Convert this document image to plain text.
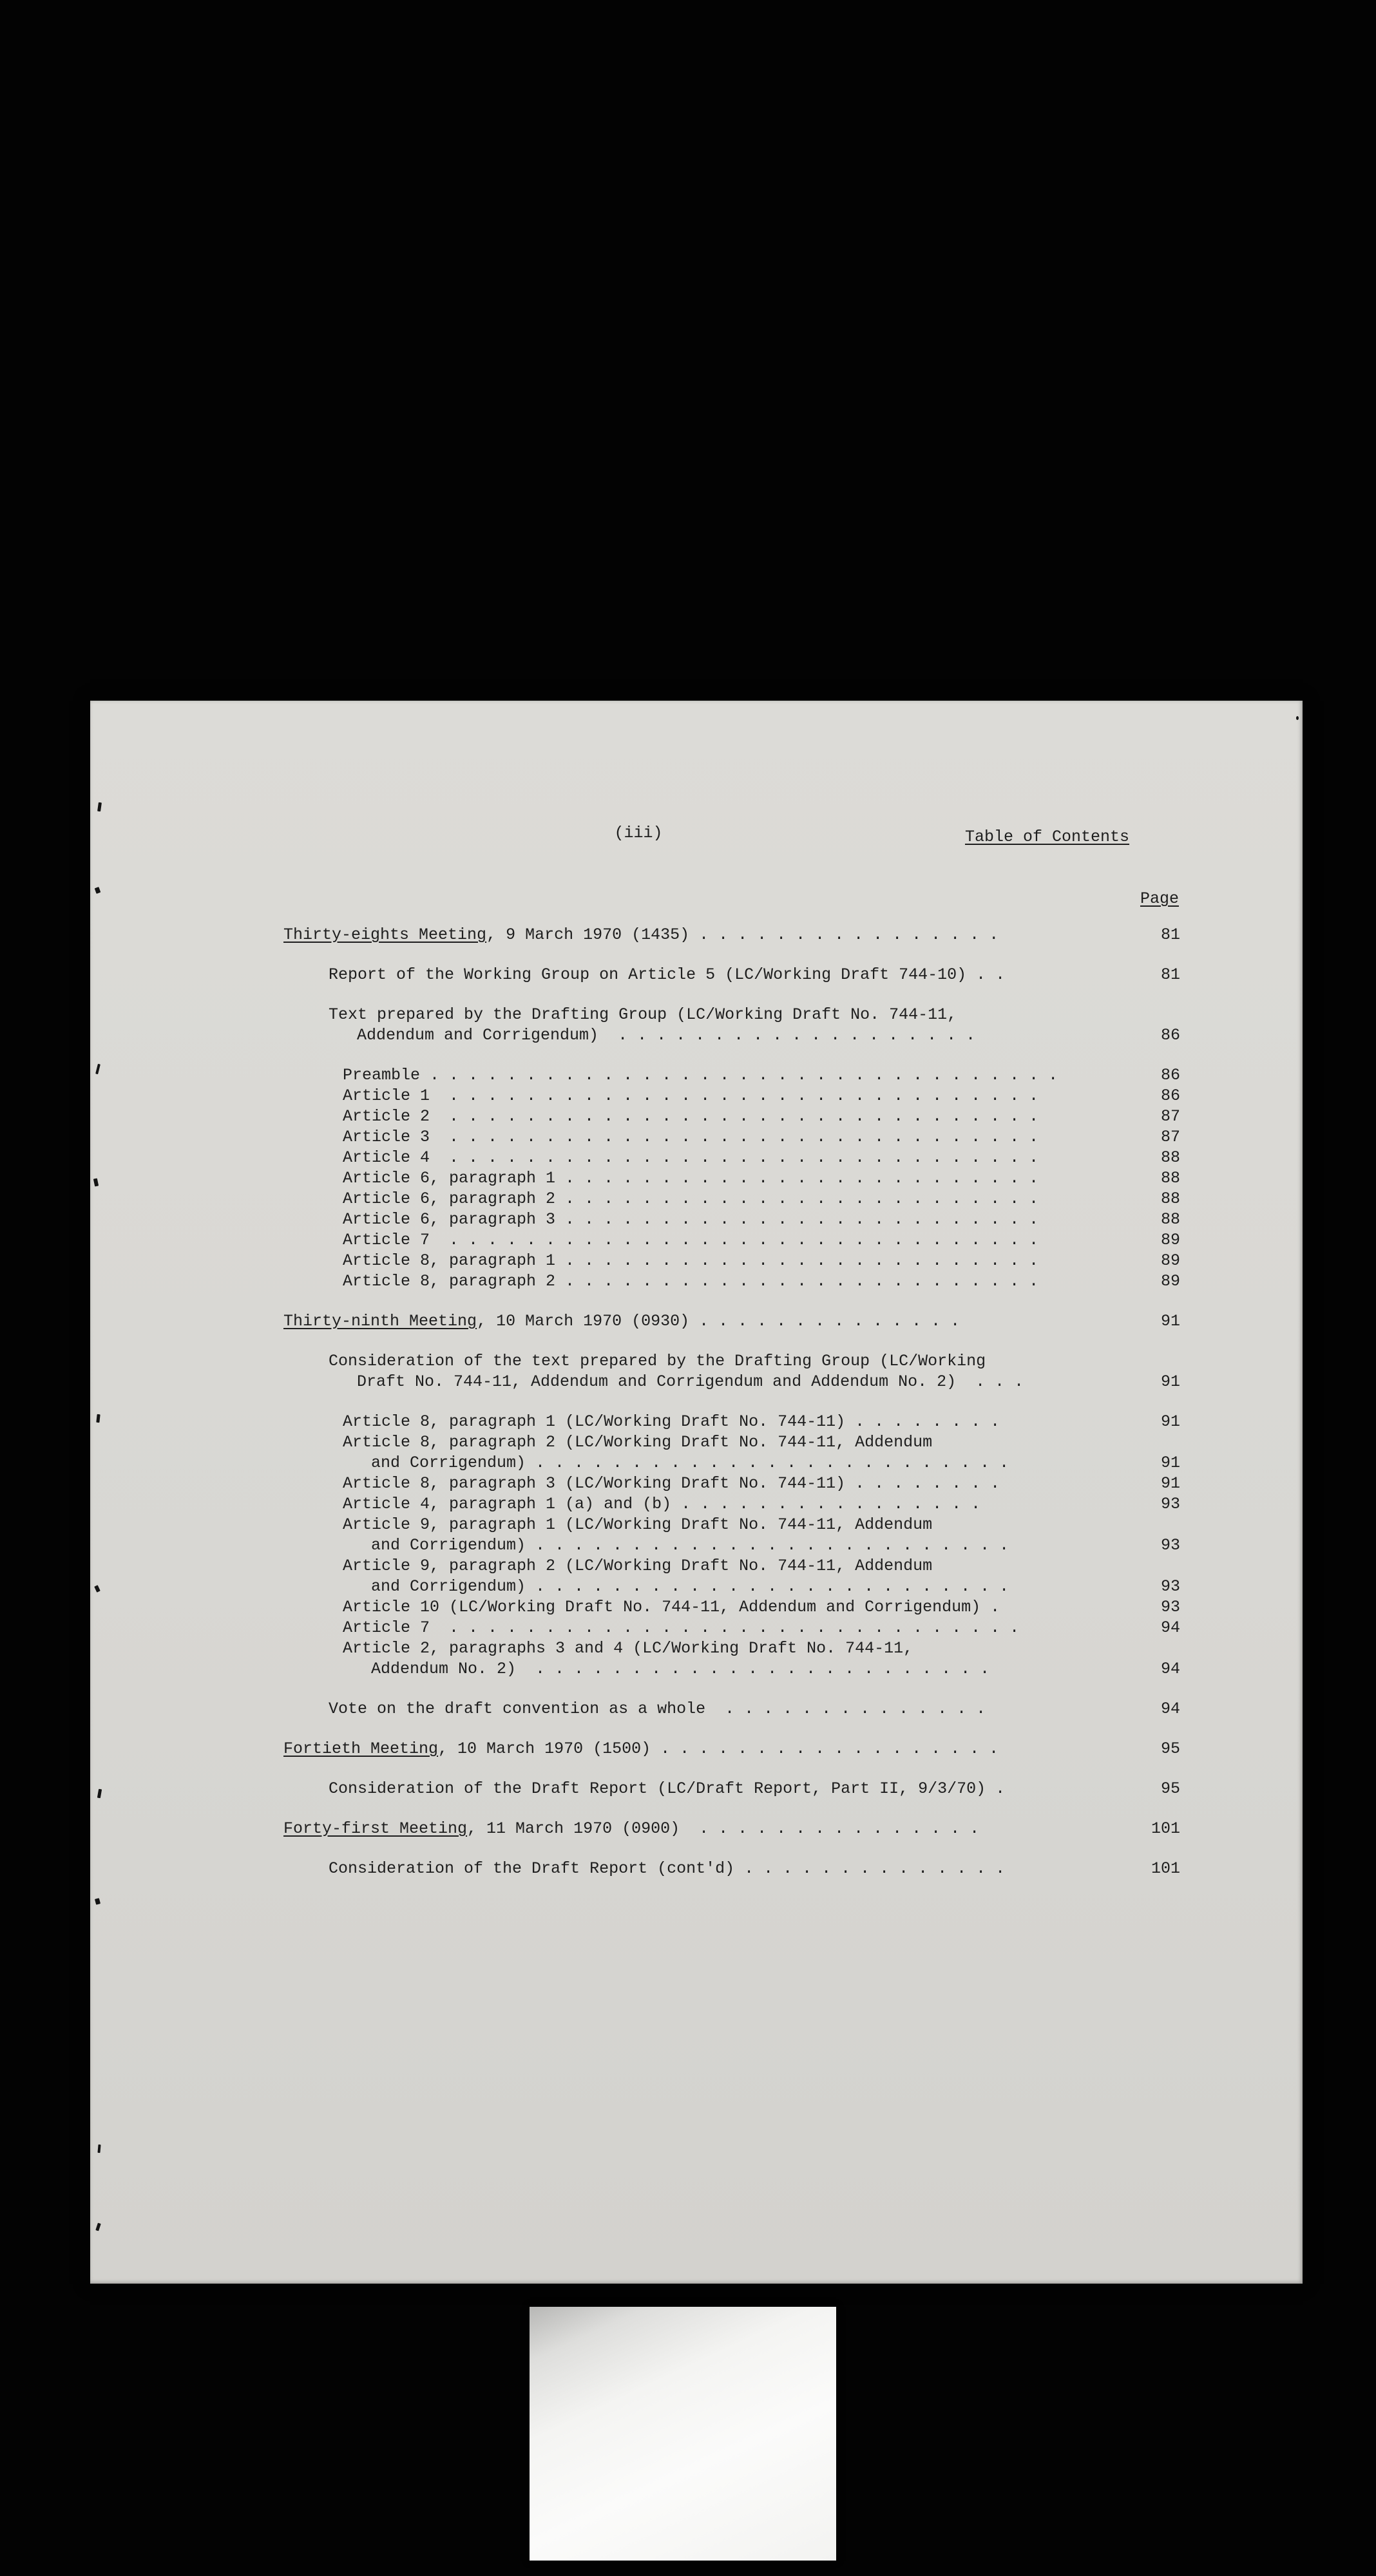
(iii)	Table of Contents
Page
Thirty-eights Meeting, 9 March 1970 (1435) . . . . . . . . . . . . . . . .	81
Report of the Working Group on Article 5 (LC/Working Draft 744-10) . .	81
Text prepared by the Drafting Group (LC/Working Draft No. 744-11,
Addendum and Corrigendum)  . . . . . . . . . . . . . . . . . . .	86
Preamble . . . . . . . . . . . . . . . . . . . . . . . . . . . . . . . . .	86
Article 1  . . . . . . . . . . . . . . . . . . . . . . . . . . . . . . .	86
Article 2  . . . . . . . . . . . . . . . . . . . . . . . . . . . . . . .	87
Article 3  . . . . . . . . . . . . . . . . . . . . . . . . . . . . . . .	87
Article 4  . . . . . . . . . . . . . . . . . . . . . . . . . . . . . . .	88
Article 6, paragraph 1 . . . . . . . . . . . . . . . . . . . . . . . . .	88
Article 6, paragraph 2 . . . . . . . . . . . . . . . . . . . . . . . . .	88
Article 6, paragraph 3 . . . . . . . . . . . . . . . . . . . . . . . . .	88
Article 7  . . . . . . . . . . . . . . . . . . . . . . . . . . . . . . .	89
Article 8, paragraph 1 . . . . . . . . . . . . . . . . . . . . . . . . .	89
Article 8, paragraph 2 . . . . . . . . . . . . . . . . . . . . . . . . .	89
Thirty-ninth Meeting, 10 March 1970 (0930) . . . . . . . . . . . . . .	91
Consideration of the text prepared by the Drafting Group (LC/Working
Draft No. 744-11, Addendum and Corrigendum and Addendum No. 2)  . . .	91
Article 8, paragraph 1 (LC/Working Draft No. 744-11) . . . . . . . .	91
Article 8, paragraph 2 (LC/Working Draft No. 744-11, Addendum
and Corrigendum) . . . . . . . . . . . . . . . . . . . . . . . . .	91
Article 8, paragraph 3 (LC/Working Draft No. 744-11) . . . . . . . .	91
Article 4, paragraph 1 (a) and (b) . . . . . . . . . . . . . . . .	93
Article 9, paragraph 1 (LC/Working Draft No. 744-11, Addendum
and Corrigendum) . . . . . . . . . . . . . . . . . . . . . . . . .	93
Article 9, paragraph 2 (LC/Working Draft No. 744-11, Addendum
and Corrigendum) . . . . . . . . . . . . . . . . . . . . . . . . .	93
Article 10 (LC/Working Draft No. 744-11, Addendum and Corrigendum) .	93
Article 7  . . . . . . . . . . . . . . . . . . . . . . . . . . . . . .	94
Article 2, paragraphs 3 and 4 (LC/Working Draft No. 744-11,
Addendum No. 2)  . . . . . . . . . . . . . . . . . . . . . . . .	94
Vote on the draft convention as a whole  . . . . . . . . . . . . . .	94
Fortieth Meeting, 10 March 1970 (1500) . . . . . . . . . . . . . . . . . .	95
Consideration of the Draft Report (LC/Draft Report, Part II, 9/3/70) .	95
Forty-first Meeting, 11 March 1970 (0900)  . . . . . . . . . . . . . . .	101
Consideration of the Draft Report (cont'd) . . . . . . . . . . . . . .	101
